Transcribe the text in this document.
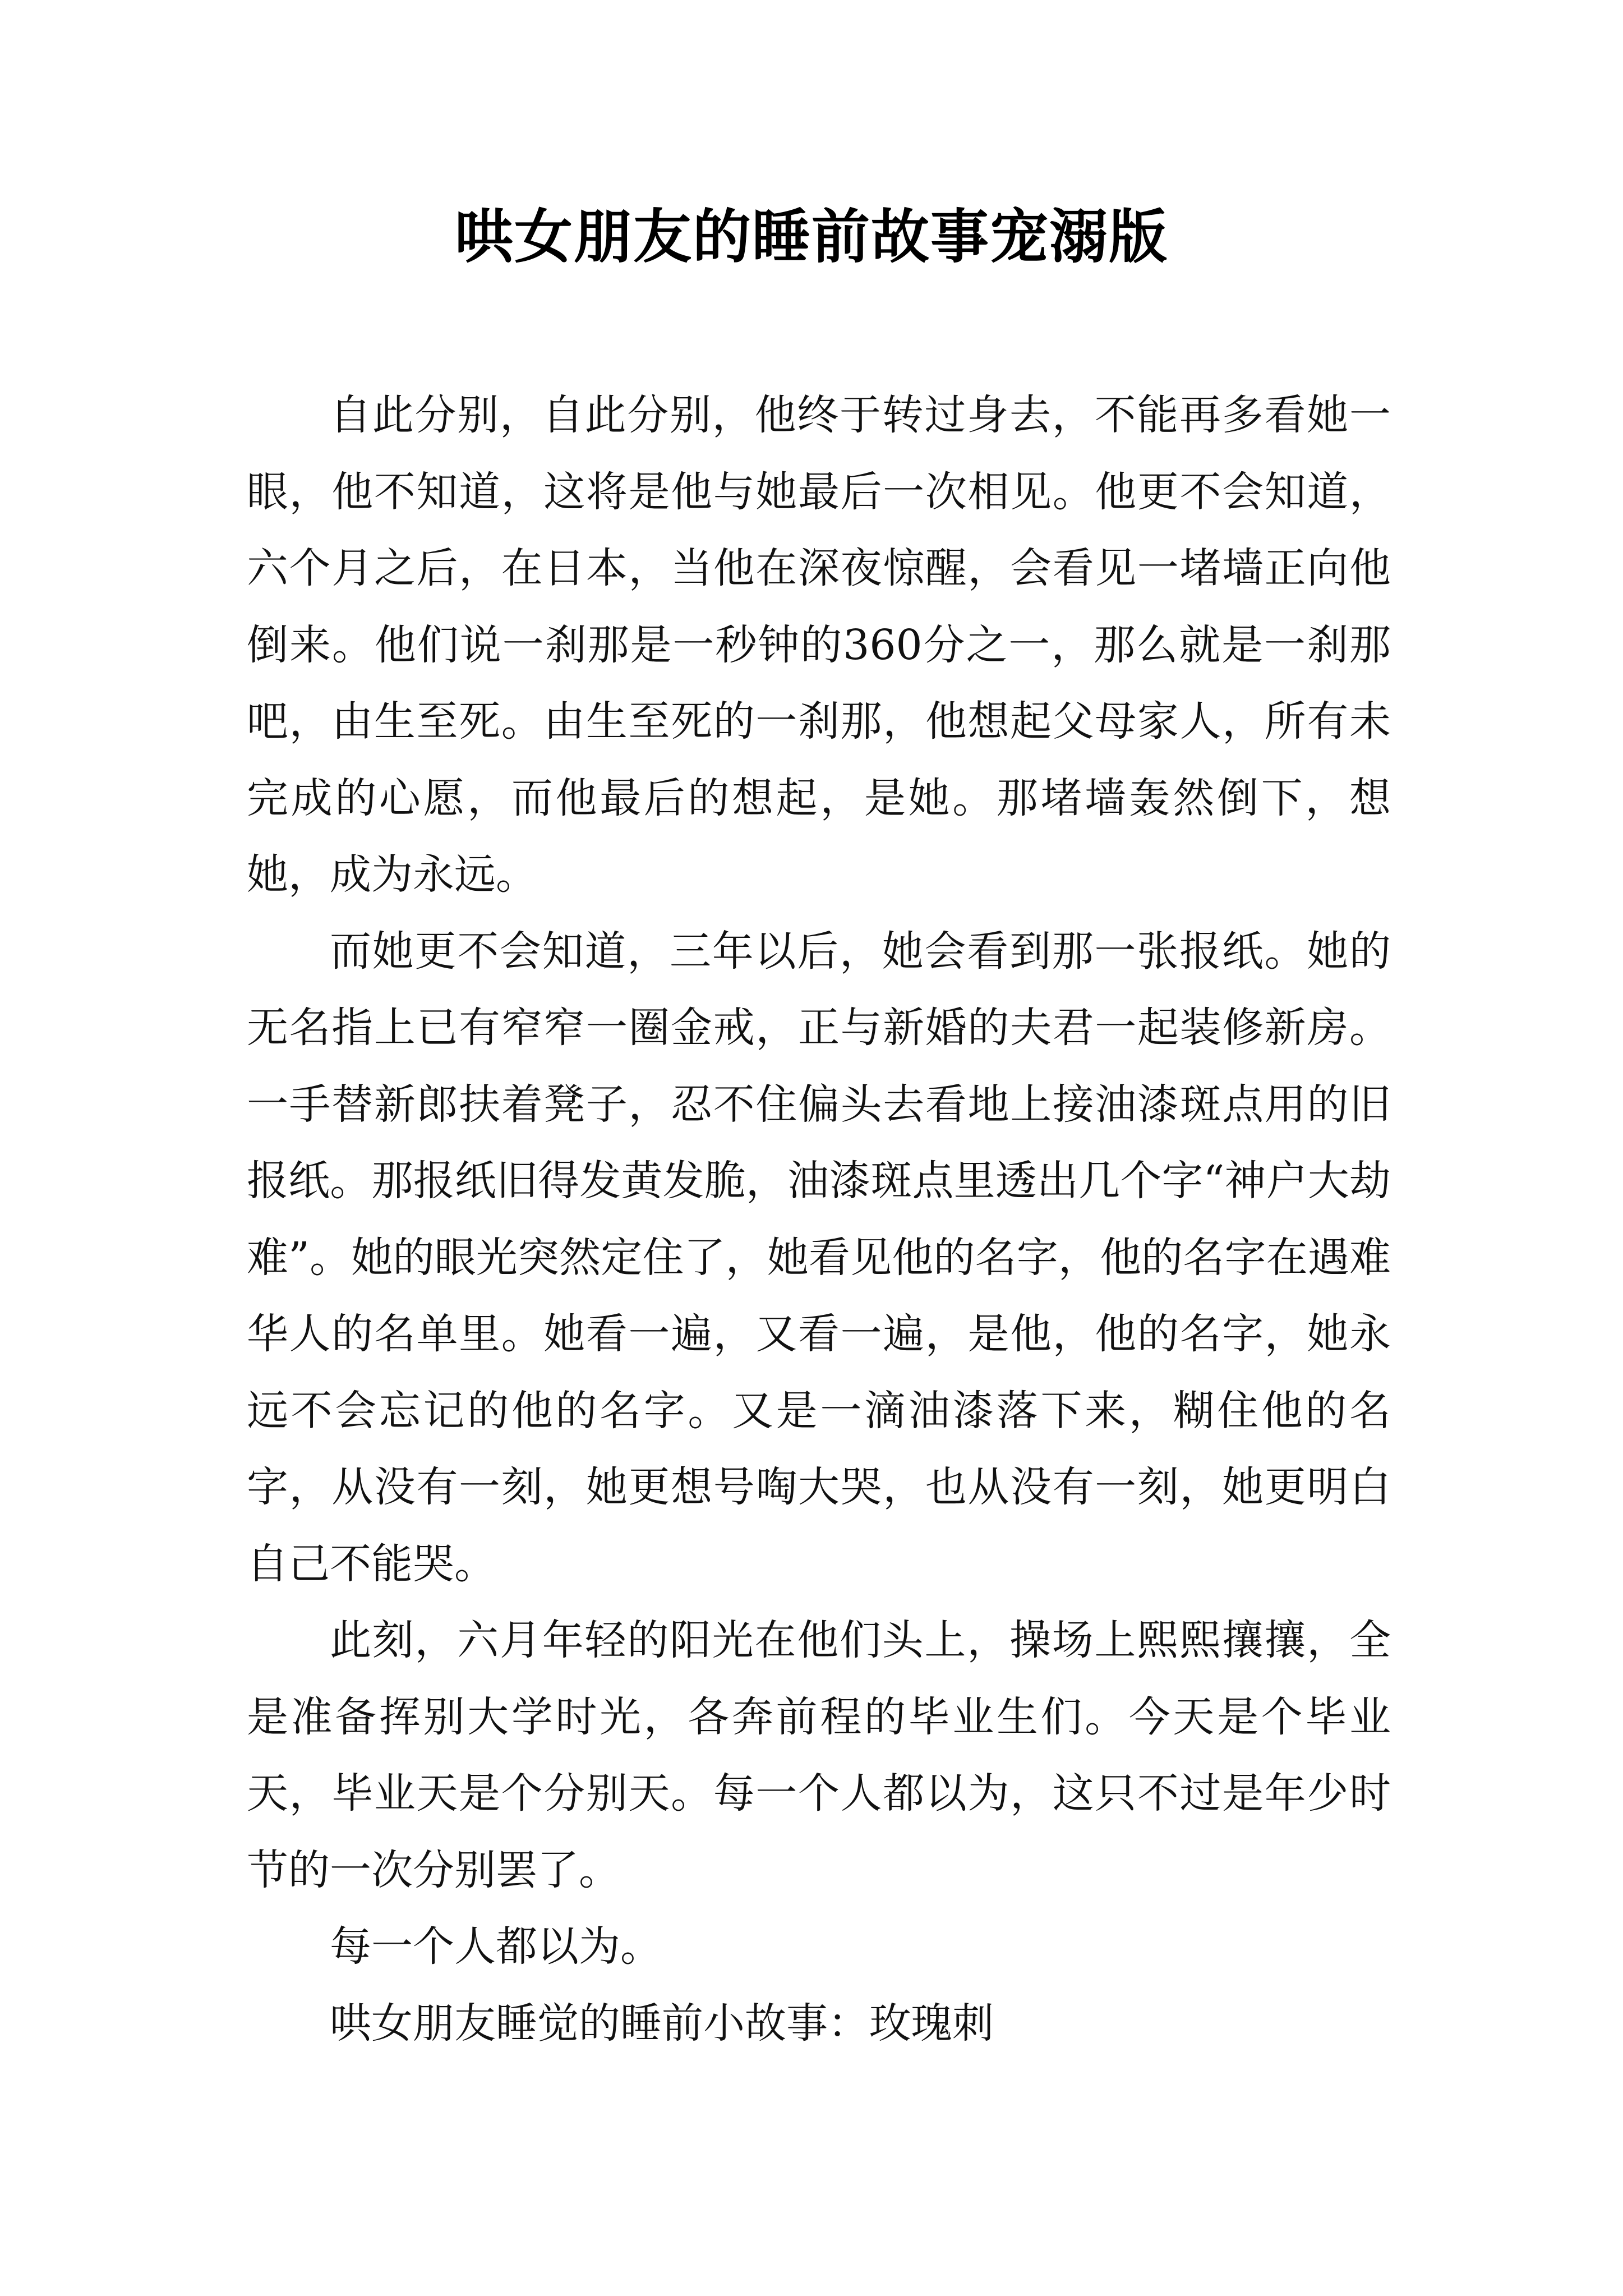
哄女朋友的睡前故事宠溺版

自此分别，自此分别，他终于转过身去，不能再多看她一眼，他不知道，这将是他与她最后一次相见。他更不会知道，六个月之后，在日本，当他在深夜惊醒，会看见一堵墙正向他倒来。他们说一刹那是一秒钟的360分之一，那么就是一刹那吧，由生至死。由生至死的一刹那，他想起父母家人，所有未完成的心愿，而他最后的想起，是她。那堵墙轰然倒下，想她，成为永远。

而她更不会知道，三年以后，她会看到那一张报纸。她的无名指上已有窄窄一圈金戒，正与新婚的夫君一起装修新房。一手替新郎扶着凳子，忍不住偏头去看地上接油漆斑点用的旧报纸。那报纸旧得发黄发脆，油漆斑点里透出几个字“神户大劫难”。她的眼光突然定住了，她看见他的名字，他的名字在遇难华人的名单里。她看一遍，又看一遍，是他，他的名字，她永远不会忘记的他的名字。又是一滴油漆落下来，糊住他的名字，从没有一刻，她更想号啕大哭，也从没有一刻，她更明白自己不能哭。

此刻，六月年轻的阳光在他们头上，操场上熙熙攘攘，全是准备挥别大学时光，各奔前程的毕业生们。今天是个毕业天，毕业天是个分别天。每一个人都以为，这只不过是年少时节的一次分别罢了。

每一个人都以为。

哄女朋友睡觉的睡前小故事：玫瑰刺
